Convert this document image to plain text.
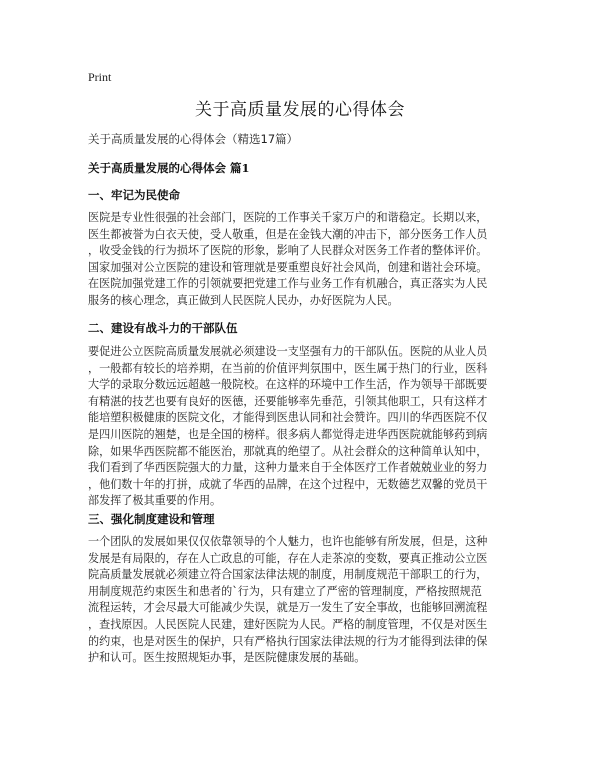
Print
关于高质量发展的心得体会
关于高质量发展的心得体会（精选17篇）
关于高质量发展的心得体会 篇1
一、牢记为民使命
医院是专业性很强的社会部门，医院的工作事关千家万户的和谐稳定。长期以来，
医生都被誉为白衣天使，受人敬重，但是在金钱大潮的冲击下，部分医务工作人员
，收受金钱的行为损坏了医院的形象，影响了人民群众对医务工作者的整体评价。
国家加强对公立医院的建设和管理就是要重塑良好社会风尚，创建和谐社会环境。
在医院加强党建工作的引领就要把党建工作与业务工作有机融合，真正落实为人民
服务的核心理念，真正做到人民医院人民办，办好医院为人民。
二、建设有战斗力的干部队伍
要促进公立医院高质量发展就必须建设一支坚强有力的干部队伍。医院的从业人员
，一般都有较长的培养期，在当前的价值评判氛围中，医生属于热门的行业，医科
大学的录取分数远远超越一般院校。在这样的环境中工作生活，作为领导干部既要
有精湛的技艺也要有良好的医德，还要能够率先垂范，引领其他职工，只有这样才
能培塑积极健康的医院文化，才能得到医患认同和社会赞许。四川的华西医院不仅
是四川医院的翘楚，也是全国的榜样。很多病人都觉得走进华西医院就能够药到病
除，如果华西医院都不能医治，那就真的绝望了。从社会群众的这种简单认知中，
我们看到了华西医院强大的力量，这种力量来自于全体医疗工作者兢兢业业的努力
，他们数十年的打拼，成就了华西的品牌，在这个过程中，无数德艺双馨的党员干
部发挥了极其重要的作用。
三、强化制度建设和管理
一个团队的发展如果仅仅依靠领导的个人魅力，也许也能够有所发展，但是，这种
发展是有局限的，存在人亡政息的可能，存在人走茶凉的变数，要真正推动公立医
院高质量发展就必须建立符合国家法律法规的制度，用制度规范干部职工的行为，
用制度规范约束医生和患者的`行为，只有建立了严密的管理制度，严格按照规范
流程运转，才会尽最大可能减少失误，就是万一发生了安全事故，也能够回溯流程
，查找原因。人民医院人民建，建好医院为人民。严格的制度管理，不仅是对医生
的约束，也是对医生的保护，只有严格执行国家法律法规的行为才能得到法律的保
护和认可。医生按照规矩办事，是医院健康发展的基础。
